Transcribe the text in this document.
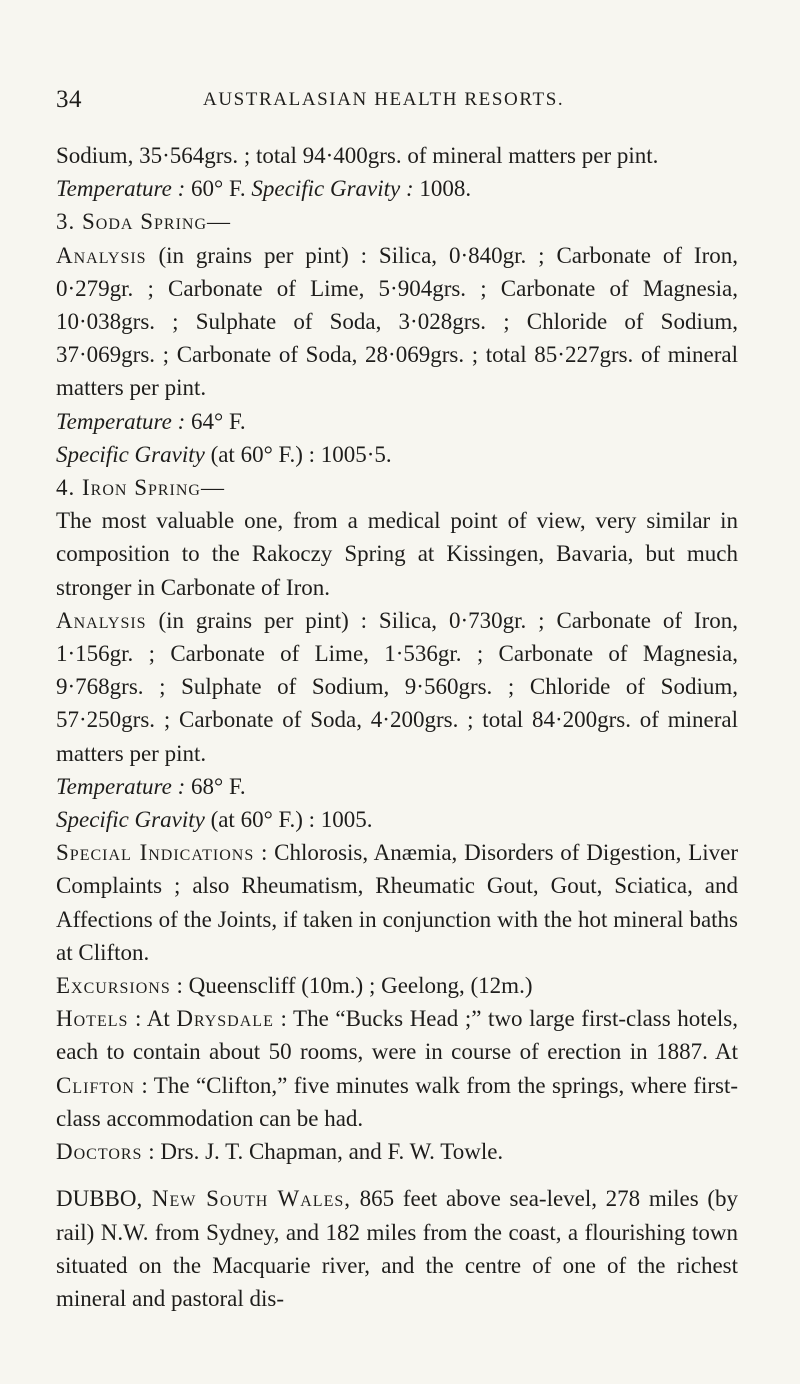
34	AUSTRALASIAN HEALTH RESORTS.

Sodium, 35·564grs. ; total 94·400grs. of mineral matters per pint.

Temperature : 60° F. Specific Gravity : 1008.

3. Soda Spring—

Analysis (in grains per pint) : Silica, 0·840gr. ; Carbonate of Iron, 0·279gr. ; Carbonate of Lime, 5·904grs. ; Carbonate of Magnesia, 10·038grs. ; Sulphate of Soda, 3·028grs. ; Chloride of Sodium, 37·069grs. ; Carbonate of Soda, 28·069grs. ; total 85·227grs. of mineral matters per pint.

Temperature : 64° F.

Specific Gravity (at 60° F.) : 1005·5.

4. Iron Spring—

The most valuable one, from a medical point of view, very similar in composition to the Rakoczy Spring at Kissingen, Bavaria, but much stronger in Carbonate of Iron.

Analysis (in grains per pint) : Silica, 0·730gr. ; Carbonate of Iron, 1·156gr. ; Carbonate of Lime, 1·536gr. ; Carbonate of Magnesia, 9·768grs. ; Sulphate of Sodium, 9·560grs. ; Chloride of Sodium, 57·250grs. ; Carbonate of Soda, 4·200grs. ; total 84·200grs. of mineral matters per pint.

Temperature : 68° F.

Specific Gravity (at 60° F.) : 1005.

Special Indications : Chlorosis, Anæmia, Disorders of Digestion, Liver Complaints ; also Rheumatism, Rheumatic Gout, Gout, Sciatica, and Affections of the Joints, if taken in conjunction with the hot mineral baths at Clifton.

Excursions : Queenscliff (10m.) ; Geelong, (12m.)

Hotels : At Drysdale : The “Bucks Head ;” two large first-class hotels, each to contain about 50 rooms, were in course of erection in 1887. At Clifton : The “Clifton,” five minutes walk from the springs, where first-class accommodation can be had.

Doctors : Drs. J. T. Chapman, and F. W. Towle.

DUBBO, New South Wales, 865 feet above sea-level, 278 miles (by rail) N.W. from Sydney, and 182 miles from the coast, a flourishing town situated on the Macquarie river, and the centre of one of the richest mineral and pastoral dis-
